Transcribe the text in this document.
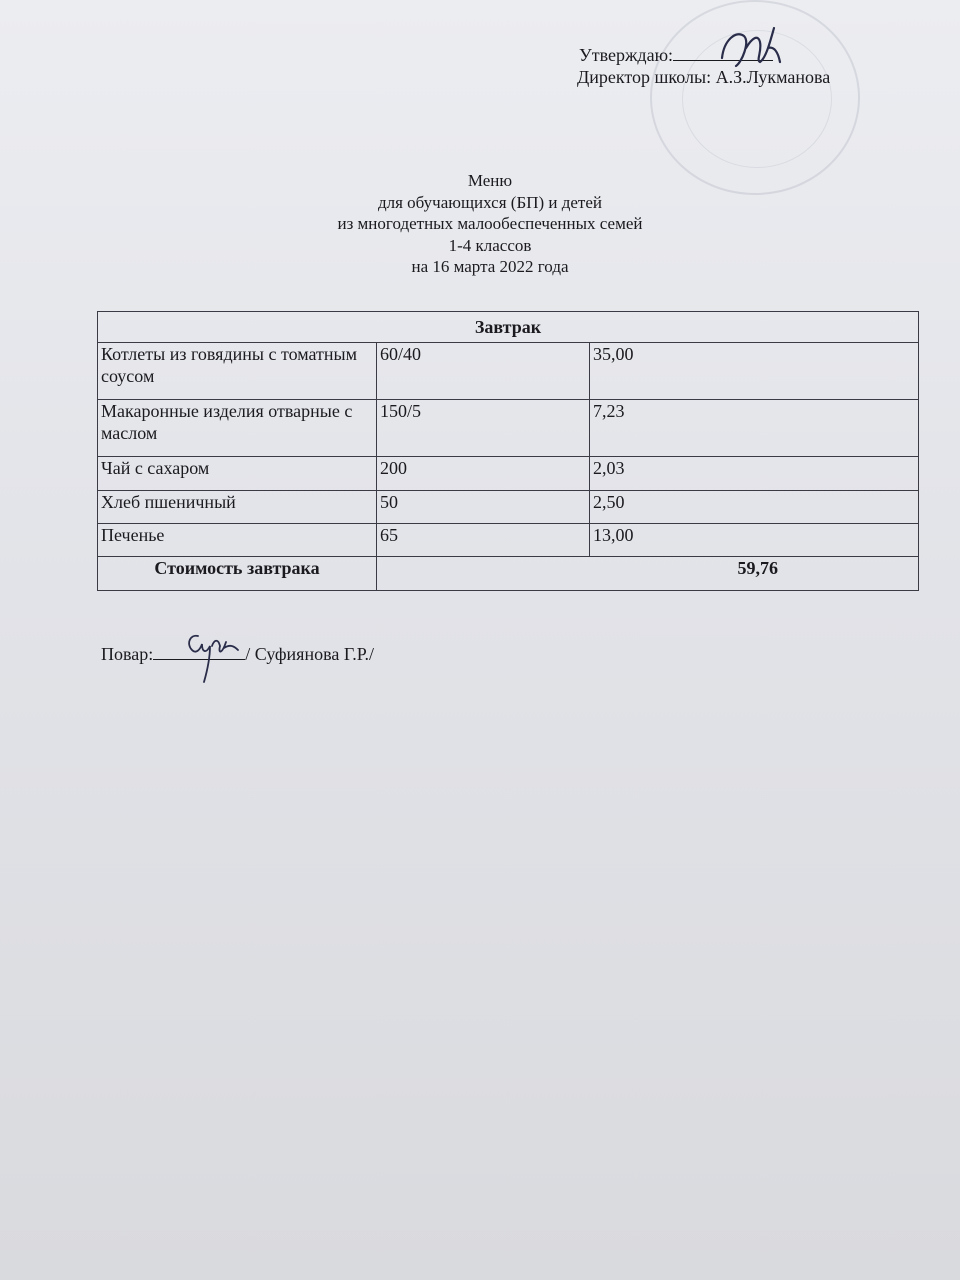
Утверждаю:
Директор школы: А.З.Лукманова
Меню
для обучающихся (БП) и детей
из многодетных малообеспеченных семей
1-4 классов
на 16 марта 2022 года
Завтрак		
Котлеты из говядины с томатным соусом	60/40	35,00
Макаронные изделия отварные с маслом	150/5	7,23
Чай с сахаром	200	2,03
Хлеб пшеничный	50	2,50
Печенье	65	13,00
Стоимость завтрака	59,76	
Повар:	/ Суфиянова Г.Р./
